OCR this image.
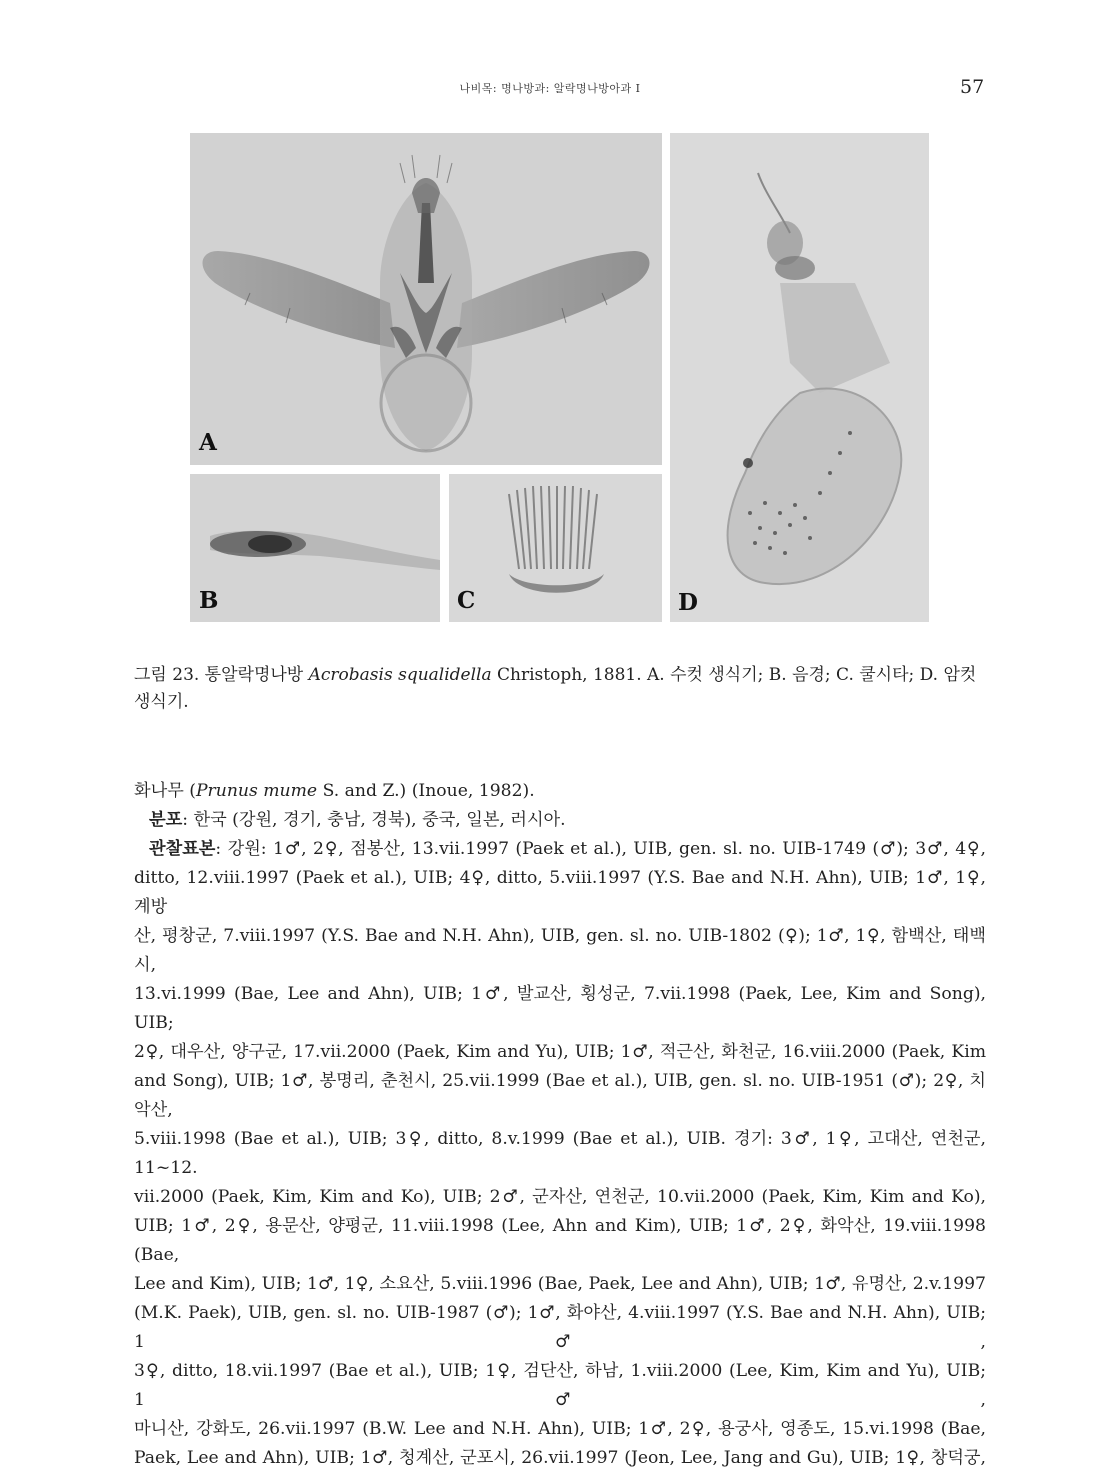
나비목: 명나방과: 알락명나방아과 I	57
A
B	C	D
그림 23. 통알락명나방 Acrobasis squalidella Christoph, 1881. A. 수컷 생식기; B. 음경; C. 쿨시타; D. 암컷 생식기.

화나무 (Prunus mume S. and Z.) (Inoue, 1982).

분포: 한국 (강원, 경기, 충남, 경북), 중국, 일본, 러시아.

관찰표본: 강원: 1♂, 2♀, 점봉산, 13.vii.1997 (Paek et al.), UIB, gen. sl. no. UIB-1749 (♂); 3♂, 4♀,

ditto, 12.viii.1997 (Paek et al.), UIB; 4♀, ditto, 5.viii.1997 (Y.S. Bae and N.H. Ahn), UIB; 1♂, 1♀, 계방

산, 평창군, 7.viii.1997 (Y.S. Bae and N.H. Ahn), UIB, gen. sl. no. UIB-1802 (♀); 1♂, 1♀, 함백산, 태백시,

13.vi.1999 (Bae, Lee and Ahn), UIB; 1♂, 발교산, 횡성군, 7.vii.1998 (Paek, Lee, Kim and Song), UIB;

2♀, 대우산, 양구군, 17.vii.2000 (Paek, Kim and Yu), UIB; 1♂, 적근산, 화천군, 16.viii.2000 (Paek, Kim

and Song), UIB; 1♂, 봉명리, 춘천시, 25.vii.1999 (Bae et al.), UIB, gen. sl. no. UIB-1951 (♂); 2♀, 치악산,

5.viii.1998 (Bae et al.), UIB; 3♀, ditto, 8.v.1999 (Bae et al.), UIB. 경기: 3♂, 1♀, 고대산, 연천군, 11~12.

vii.2000 (Paek, Kim, Kim and Ko), UIB; 2♂, 군자산, 연천군, 10.vii.2000 (Paek, Kim, Kim and Ko),

UIB; 1♂, 2♀, 용문산, 양평군, 11.viii.1998 (Lee, Ahn and Kim), UIB; 1♂, 2♀, 화악산, 19.viii.1998 (Bae,

Lee and Kim), UIB; 1♂, 1♀, 소요산, 5.viii.1996 (Bae, Paek, Lee and Ahn), UIB; 1♂, 유명산, 2.v.1997

(M.K. Paek), UIB, gen. sl. no. UIB-1987 (♂); 1♂, 화야산, 4.viii.1997 (Y.S. Bae and N.H. Ahn), UIB; 1♂,

3♀, ditto, 18.vii.1997 (Bae et al.), UIB; 1♀, 검단산, 하남, 1.viii.2000 (Lee, Kim, Kim and Yu), UIB; 1♂,

마니산, 강화도, 26.vii.1997 (B.W. Lee and N.H. Ahn), UIB; 1♂, 2♀, 용궁사, 영종도, 15.vi.1998 (Bae,

Paek, Lee and Ahn), UIB; 1♂, 청계산, 군포시, 26.vii.1997 (Jeon, Lee, Jang and Gu), UIB; 1♀, 창덕궁,
